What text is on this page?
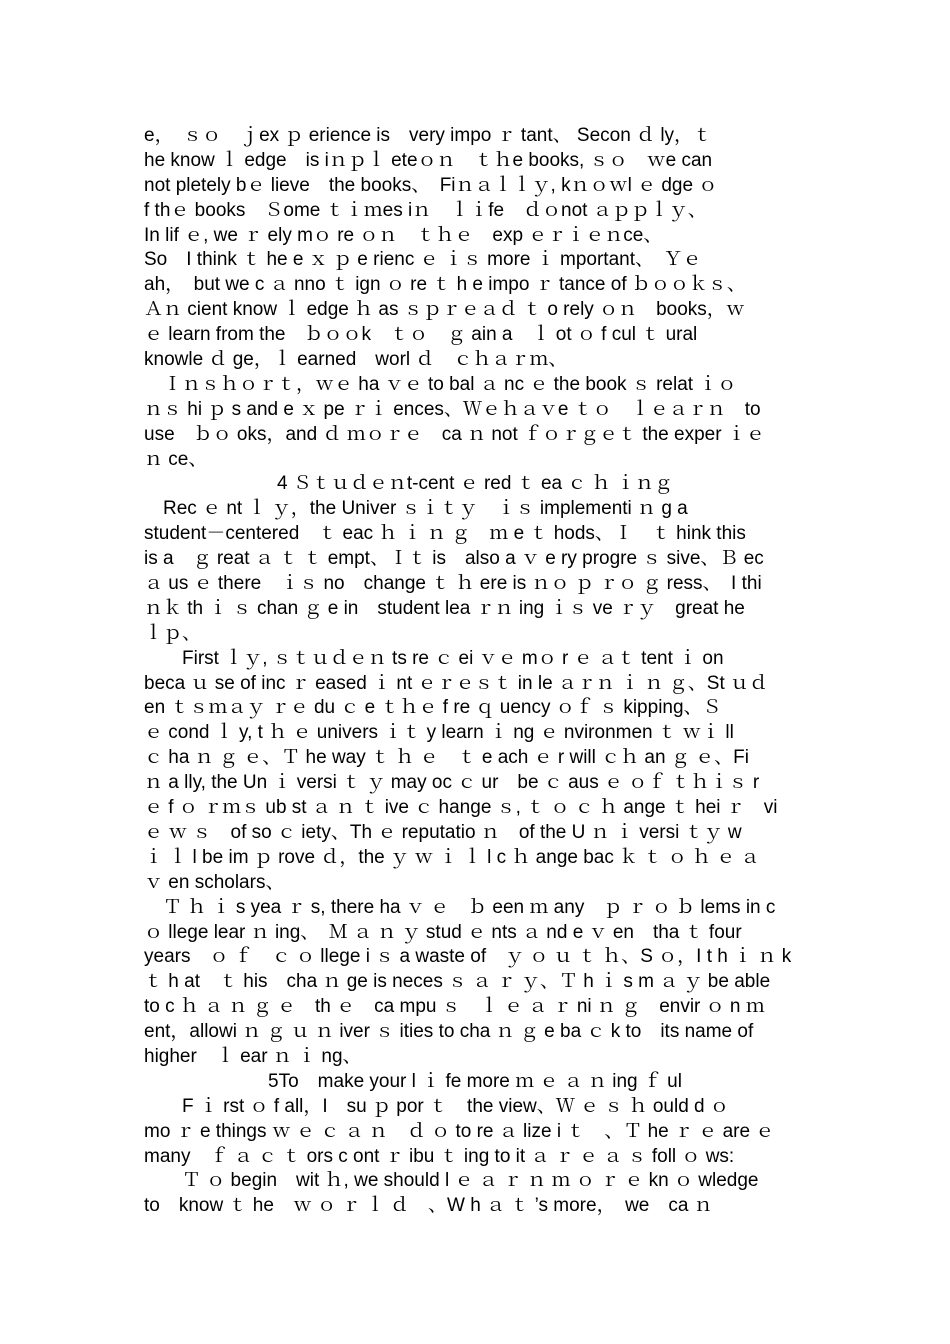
e，　ｓｏ　ｊex ｐ erience is　very impo ｒ tant、 Secon ｄ ly，ｔ
he know ｌ edge　is iｎｐｌ eteｏｎ　ｔｈe books, ｓｏ　ｗe can
not pletely bｅ lieve　the books、　Fiｎａｌｌｙ, kｎｏｗl ｅ dge ｏ
f thｅ books　Ｓome ｔｉｍes iｎ　ｌｉfe　ｄｏnot ａｐｐｌｙ、
In lif ｅ, we ｒ ely mｏ re ｏｎ　ｔｈｅ　exp ｅｒｉｅｎce、
So　I think ｔ he e ｘ ｐ e rienc ｅ ｉｓ more ｉ mportant、　Ｙｅ
ah，　but we c ａ nno ｔ ign ｏ re ｔ h e impo ｒ tance of ｂｏｏｋｓ、
Ａｎ cient know ｌ edge ｈ as ｓｐｒｅａｄ ｔ o rely ｏｎ　books，ｗ
ｅ learn from the　ｂｏｏk　ｔｏ　ｇ ain a　ｌ ot ｏ f cul ｔ ural
knowle ｄ ge，ｌ earned　worl ｄ　ｃｈａｒｍ、
　Ｉｎｓｈｏｒｔ，ｗｅ ha ｖｅ to bal ａ nc ｅ the book ｓ relat ｉｏ
ｎｓ hi ｐ s and e ｘ pe ｒｉ ences、Ｗｅｈａｖe ｔｏ　ｌｅａｒｎ　to
use　ｂｏ oks，and ｄ ｍｏｒｅ　ca ｎ not ｆｏｒｇｅｔ the exper ｉｅ
ｎ ce、
4 Ｓｔｕｄｅｎt-cent ｅ red ｔ ea ｃ ｈ ｉｎｇ
　Rec ｅ nt ｌ ｙ，the Univer ｓｉｔｙ　ｉｓ implementi ｎ g a
student－centered　ｔ eac ｈ ｉ ｎ ｇ　ｍ e ｔ hods、Ｉ　ｔ hink this
is a　ｇ reat ａ ｔ ｔ empt、Ｉｔ is　also a ｖ e ry progre ｓ sive、Ｂ ec
ａ us ｅ there　ｉｓ no　change ｔ ｈ ere is ｎｏ ｐ ｒｏ ｇ ress、　I thi
ｎｋ th ｉ ｓ chan ｇ e in　student lea ｒｎ ing ｉｓ ve ｒｙ　great he
ｌｐ、
　　First ｌｙ, ｓｔｕｄｅｎ ts re ｃ ei ｖｅ mｏ r ｅ ａｔ tent ｉ on
beca ｕ se of inc ｒ eased ｉ nt ｅｒｅｓｔ in le ａｒｎ ｉ ｎ ｇ、St ｕｄ
en ｔｓｍａｙ ｒｅ du ｃ e ｔｈｅ f re ｑ uency ｏｆ ｓ kipping、Ｓ
ｅ cond ｌ y, t ｈ ｅ univers ｉｔ y learn ｉ ng ｅ nvironmen ｔ ｗｉ ll
ｃ ha ｎ ｇ ｅ、Ｔ he way ｔ ｈ ｅ　ｔ e ach ｅ r will ｃｈ an ｇ ｅ、Fi
ｎ a lly, the Un ｉ versi ｔ ｙ may oc ｃ ur　be ｃ aus ｅ ｏｆ ｔｈｉｓ r
ｅ f ｏ ｒｍｓ ub st ａ ｎ ｔ ive ｃ hange ｓ, ｔ ｏ ｃ ｈ ange ｔ hei ｒ　vi
ｅ ｗ ｓ　of so ｃ iety、Th ｅ reputatio ｎ　of the U ｎ ｉ versi ｔｙ w
ｉ ｌ l be im ｐ rove ｄ，the ｙ ｗ ｉ ｌ l c ｈ ange bac ｋ ｔ ｏ ｈ ｅ ａ
ｖ en scholars、
　Ｔ ｈ ｉ s yea ｒ s, there ha ｖ ｅ　ｂ een ｍ any　ｐ ｒ ｏ ｂ lems in c
ｏ llege lear ｎ ing、　Ｍ ａ ｎ ｙ stud ｅ nts ａ nd e ｖ en　tha ｔ four
years　ｏ ｆ　ｃ ｏ llege i ｓ a waste of　ｙ ｏ ｕ ｔ ｈ、S ｏ，I t h ｉ ｎ k
ｔ h at　ｔ his　cha ｎ ge is neces ｓ ａ ｒ ｙ、Ｔ h ｉ s m ａ ｙ be able
to c ｈ ａ ｎ ｇ ｅ　th ｅ　ca mpu ｓ　ｌ ｅ ａ ｒ ni ｎ ｇ　envir ｏ n ｍ
ent，allowi ｎ ｇ ｕ ｎ iver ｓ ities to cha ｎ ｇ e ba ｃ k to　its name of
higher　ｌ ear ｎ ｉ ng、
5To　make your l ｉ fe more ｍ ｅ ａ ｎ ing ｆ ul
　　F ｉ rst ｏ f all，I　su ｐ por ｔ　the view、Ｗ ｅ ｓ ｈ ould d ｏ
mo ｒ e things ｗ ｅ ｃ ａ ｎ　ｄ ｏ to re ａ lize i ｔ　、Ｔ he ｒ ｅ are ｅ
many　ｆ ａ ｃ ｔ ors c ont ｒ ibu ｔ ing to it ａ ｒ ｅ ａ ｓ foll ｏ ws:
　　Ｔ ｏ begin　wit ｈ, we should l ｅ ａ ｒ ｎ ｍ ｏ ｒ ｅ kn ｏ wledge
to　know ｔ he　ｗ ｏ ｒ ｌ ｄ　、W h ａ ｔ ’s more，　we　ca ｎ
